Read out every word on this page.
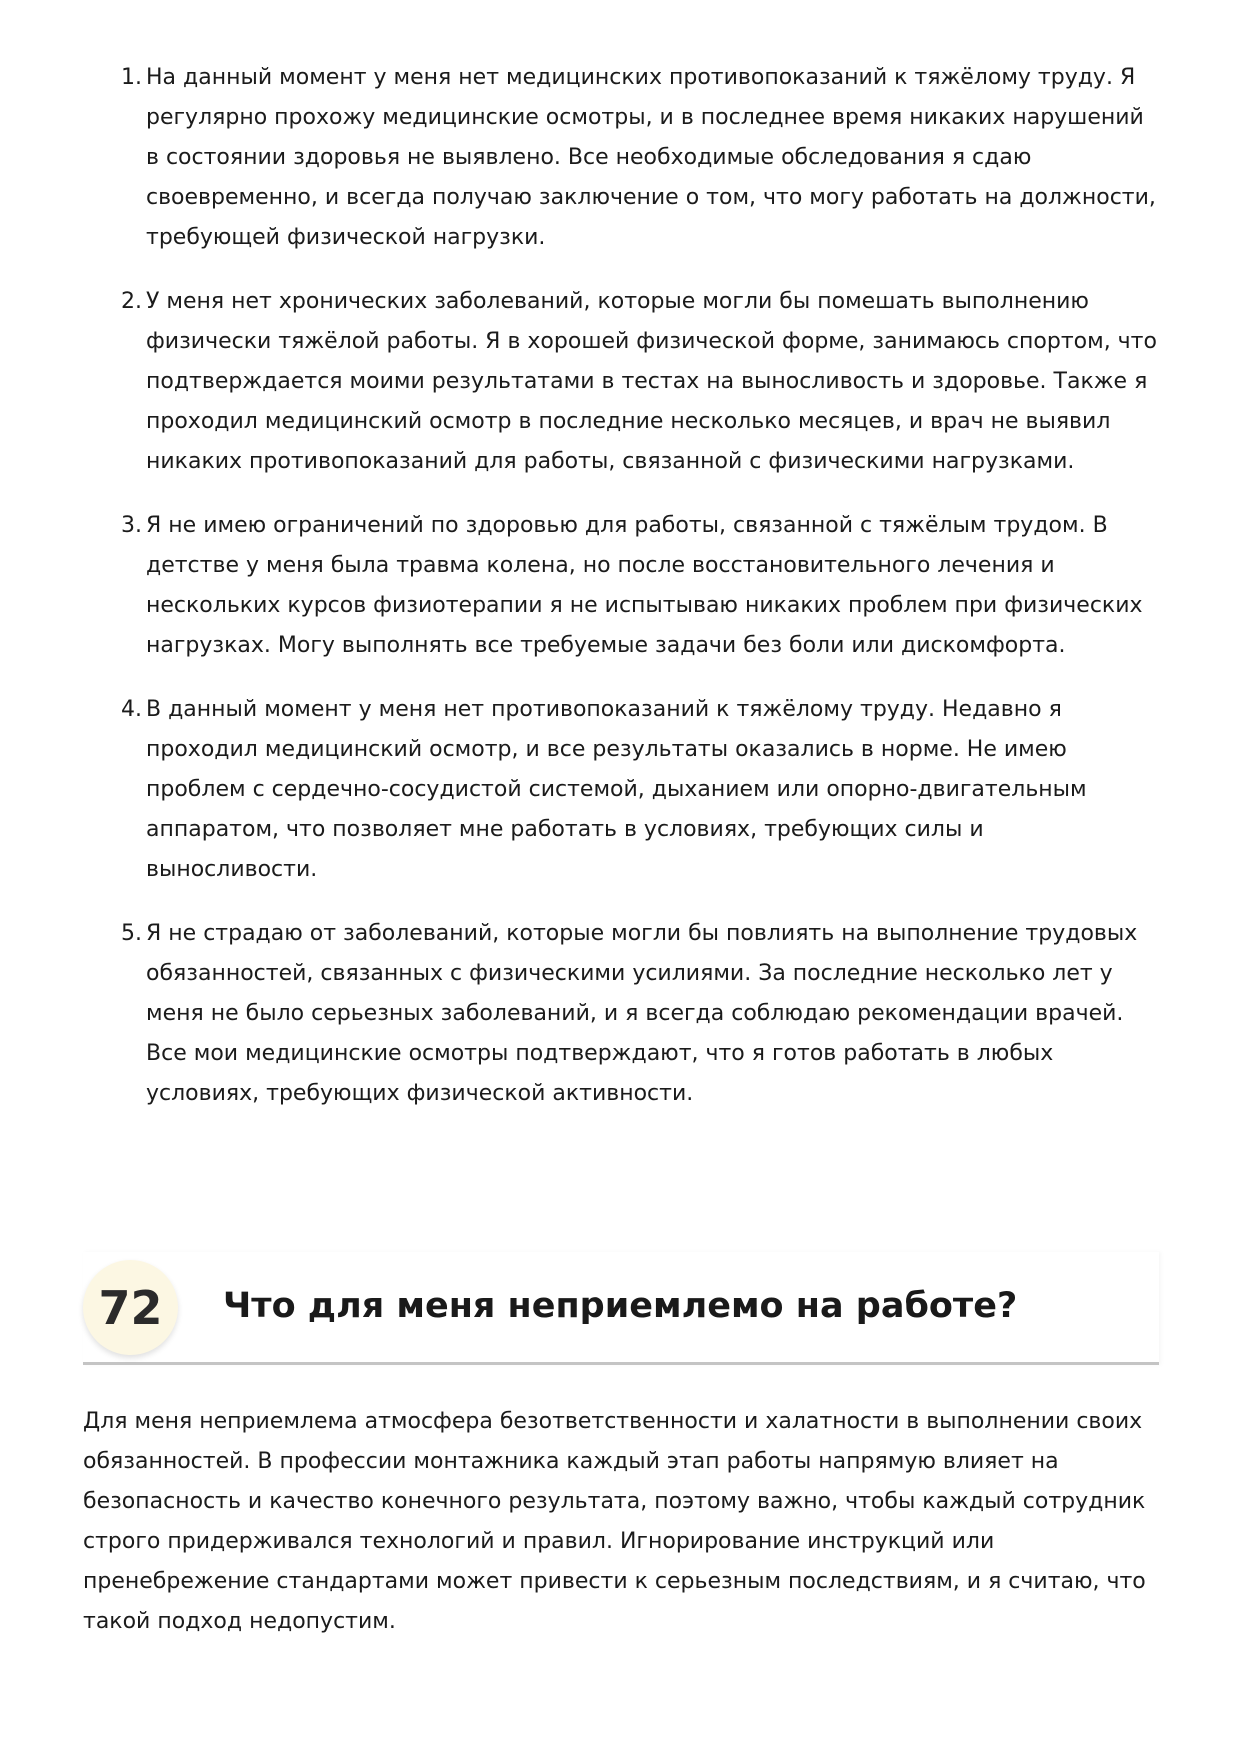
1. На данный момент у меня нет медицинских противопоказаний к тяжёлому труду. Я регулярно прохожу медицинские осмотры, и в последнее время никаких нарушений в состоянии здоровья не выявлено. Все необходимые обследования я сдаю своевременно, и всегда получаю заключение о том, что могу работать на должности, требующей физической нагрузки.
2. У меня нет хронических заболеваний, которые могли бы помешать выполнению физически тяжёлой работы. Я в хорошей физической форме, занимаюсь спортом, что подтверждается моими результатами в тестах на выносливость и здоровье. Также я проходил медицинский осмотр в последние несколько месяцев, и врач не выявил никаких противопоказаний для работы, связанной с физическими нагрузками.
3. Я не имею ограничений по здоровью для работы, связанной с тяжёлым трудом. В детстве у меня была травма колена, но после восстановительного лечения и нескольких курсов физиотерапии я не испытываю никаких проблем при физических нагрузках. Могу выполнять все требуемые задачи без боли или дискомфорта.
4. В данный момент у меня нет противопоказаний к тяжёлому труду. Недавно я проходил медицинский осмотр, и все результаты оказались в норме. Не имею проблем с сердечно-сосудистой системой, дыханием или опорно-двигательным аппаратом, что позволяет мне работать в условиях, требующих силы и выносливости.
5. Я не страдаю от заболеваний, которые могли бы повлиять на выполнение трудовых обязанностей, связанных с физическими усилиями. За последние несколько лет у меня не было серьезных заболеваний, и я всегда соблюдаю рекомендации врачей. Все мои медицинские осмотры подтверждают, что я готов работать в любых условиях, требующих физической активности.
72	Что для меня неприемлемо на работе?

Для меня неприемлема атмосфера безответственности и халатности в выполнении своих обязанностей. В профессии монтажника каждый этап работы напрямую влияет на безопасность и качество конечного результата, поэтому важно, чтобы каждый сотрудник строго придерживался технологий и правил. Игнорирование инструкций или пренебрежение стандартами может привести к серьезным последствиям, и я считаю, что такой подход недопустим.
